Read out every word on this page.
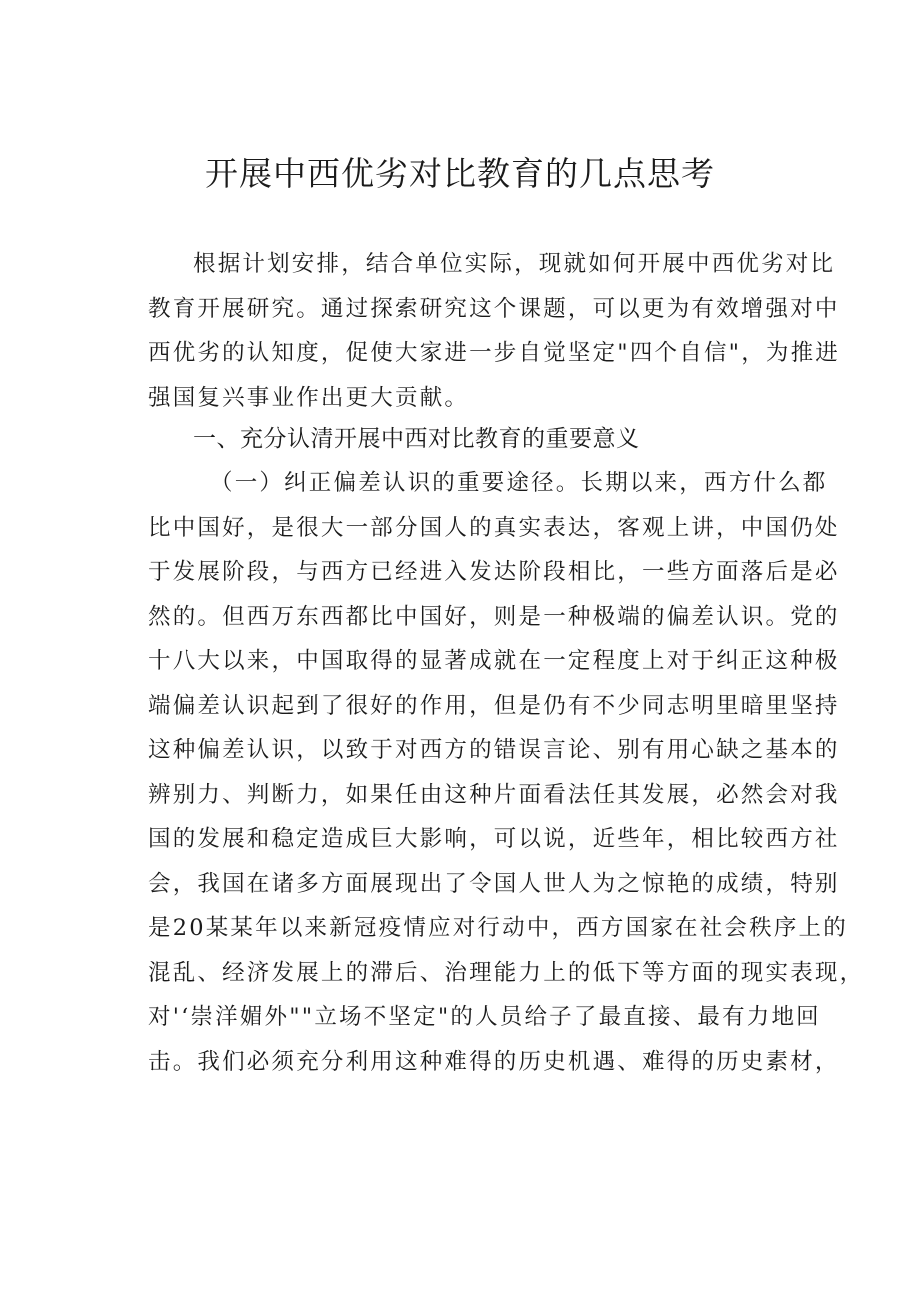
开展中西优劣对比教育的几点思考
根据计划安排，结合单位实际，现就如何开展中西优劣对比
教育开展研究。通过探索研究这个课题，可以更为有效增强对中
西优劣的认知度，促使大家进一步自觉坚定"四个自信"，为推进
强国复兴事业作出更大贡献。
一、充分认清开展中西对比教育的重要意义
（一）纠正偏差认识的重要途径。长期以来，西方什么都
比中国好，是很大一部分国人的真实表达，客观上讲，中国仍处
于发展阶段，与西方已经进入发达阶段相比，一些方面落后是必
然的。但西万东西都比中国好，则是一种极端的偏差认识。党的
十八大以来，中国取得的显著成就在一定程度上对于纠正这种极
端偏差认识起到了很好的作用，但是仍有不少同志明里暗里坚持
这种偏差认识，以致于对西方的错误言论、别有用心缺之基本的
辨别力、判断力，如果任由这种片面看法任其发展，必然会对我
国的发展和稳定造成巨大影响，可以说，近些年，相比较西方社
会，我国在诸多方面展现出了令国人世人为之惊艳的成绩，特别
是20某某年以来新冠疫情应对行动中，西方国家在社会秩序上的
混乱、经济发展上的滞后、治理能力上的低下等方面的现实表现，
对'‘崇洋媚外""立场不坚定"的人员给子了最直接、最有力地回
击。我们必须充分利用这种难得的历史机遇、难得的历史素材，
